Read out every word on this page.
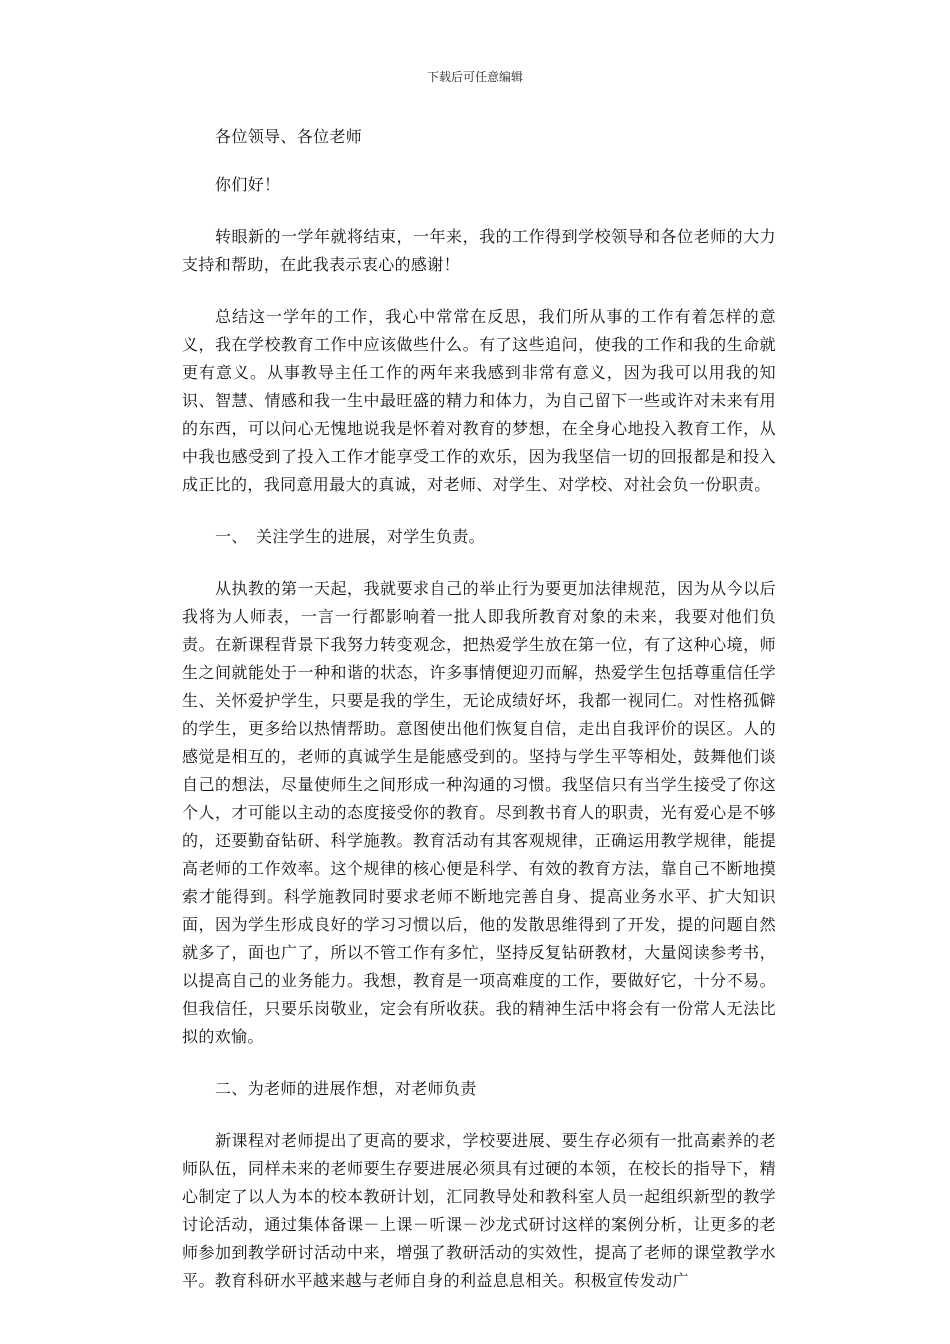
下载后可任意编辑

各位领导、各位老师

你们好！

转眼新的一学年就将结束，一年来，我的工作得到学校领导和各位老师的大力支持和帮助，在此我表示衷心的感谢！

总结这一学年的工作，我心中常常在反思，我们所从事的工作有着怎样的意义，我在学校教育工作中应该做些什么。有了这些追问，使我的工作和我的生命就更有意义。从事教导主任工作的两年来我感到非常有意义，因为我可以用我的知识、智慧、情感和我一生中最旺盛的精力和体力，为自己留下一些或许对未来有用的东西，可以问心无愧地说我是怀着对教育的梦想，在全身心地投入教育工作，从中我也感受到了投入工作才能享受工作的欢乐，因为我坚信一切的回报都是和投入成正比的，我同意用最大的真诚，对老师、对学生、对学校、对社会负一份职责。

一、　关注学生的进展，对学生负责。

从执教的第一天起，我就要求自己的举止行为要更加法律规范，因为从今以后我将为人师表，一言一行都影响着一批人即我所教育对象的未来，我要对他们负责。在新课程背景下我努力转变观念，把热爱学生放在第一位，有了这种心境，师生之间就能处于一种和谐的状态，许多事情便迎刃而解，热爱学生包括尊重信任学生、关怀爱护学生，只要是我的学生，无论成绩好坏，我都一视同仁。对性格孤僻的学生，更多给以热情帮助。意图使出他们恢复自信，走出自我评价的误区。人的感觉是相互的，老师的真诚学生是能感受到的。坚持与学生平等相处，鼓舞他们谈自己的想法，尽量使师生之间形成一种沟通的习惯。我坚信只有当学生接受了你这个人，才可能以主动的态度接受你的教育。尽到教书育人的职责，光有爱心是不够的，还要勤奋钻研、科学施教。教育活动有其客观规律，正确运用教学规律，能提高老师的工作效率。这个规律的核心便是科学、有效的教育方法，靠自己不断地摸索才能得到。科学施教同时要求老师不断地完善自身、提高业务水平、扩大知识面，因为学生形成良好的学习习惯以后，他的发散思维得到了开发，提的问题自然就多了，面也广了，所以不管工作有多忙，坚持反复钻研教材，大量阅读参考书，以提高自己的业务能力。我想，教育是一项高难度的工作，要做好它，十分不易。但我信任，只要乐岗敬业，定会有所收获。我的精神生活中将会有一份常人无法比拟的欢愉。

二、为老师的进展作想，对老师负责

新课程对老师提出了更高的要求，学校要进展、要生存必须有一批高素养的老师队伍，同样未来的老师要生存要进展必须具有过硬的本领，在校长的指导下，精心制定了以人为本的校本教研计划，汇同教导处和教科室人员一起组织新型的教学讨论活动，通过集体备课－上课－听课－沙龙式研讨这样的案例分析，让更多的老师参加到教学研讨活动中来，增强了教研活动的实效性，提高了老师的课堂教学水平。教育科研水平越来越与老师自身的利益息息相关。积极宣传发动广
